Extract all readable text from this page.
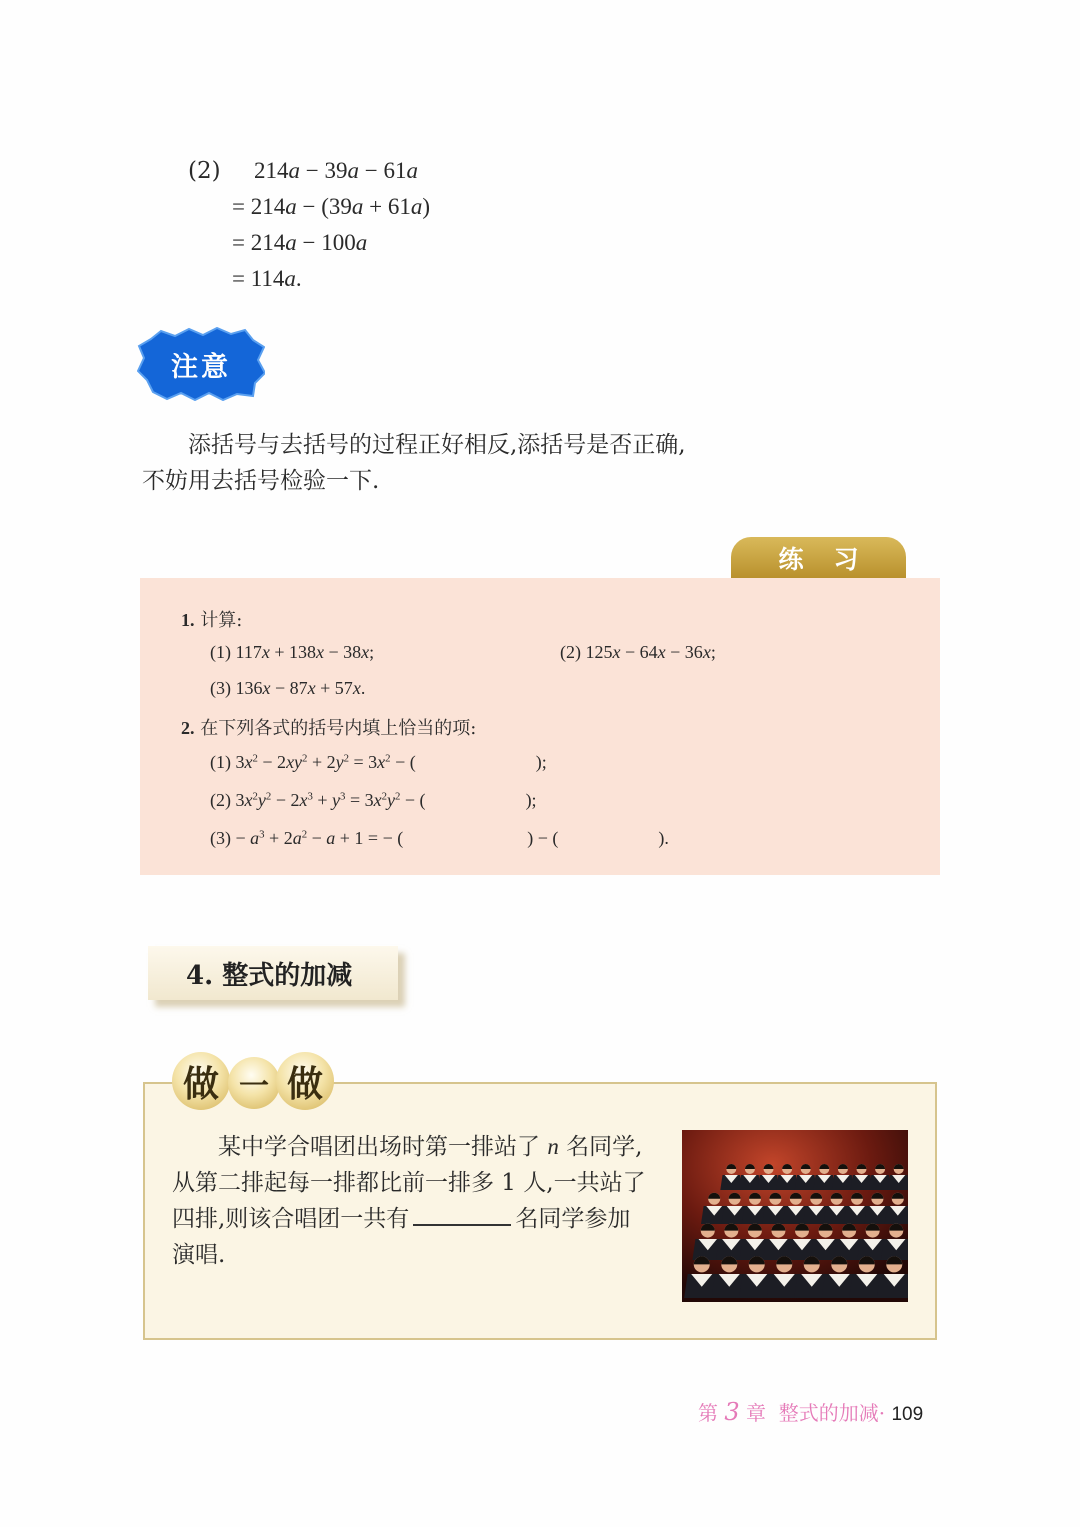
(2) 214a − 39a − 61a
= 214a − (39a + 61a)
= 214a − 100a
= 114a.
注意
添括号与去括号的过程正好相反,添括号是否正确,
不妨用去括号检验一下.
练习
1. 计算:
(1) 117x + 138x − 38x;	(2) 125x − 64x − 36x;
(3) 136x − 87x + 57x.
2. 在下列各式的括号内填上恰当的项:
(1) $3x^2 - 2xy^2 + 2y^2 = 3x^2$ − (	);
(2) $3x^2y^2 - 2x^3 + y^3 = 3x^2y^2$ − (	);
$(3) - a^3 + 2a^2 - a + 1$ = − (	) − (	).
4. 整式的加减
做 一 做
某中学合唱团出场时第一排站了 n 名同学,
从第二排起每一排都比前一排多 1 人,一共站了
四排,则该合唱团一共有	名同学参加
演唱.
第 3 章 整式的加减· 109
